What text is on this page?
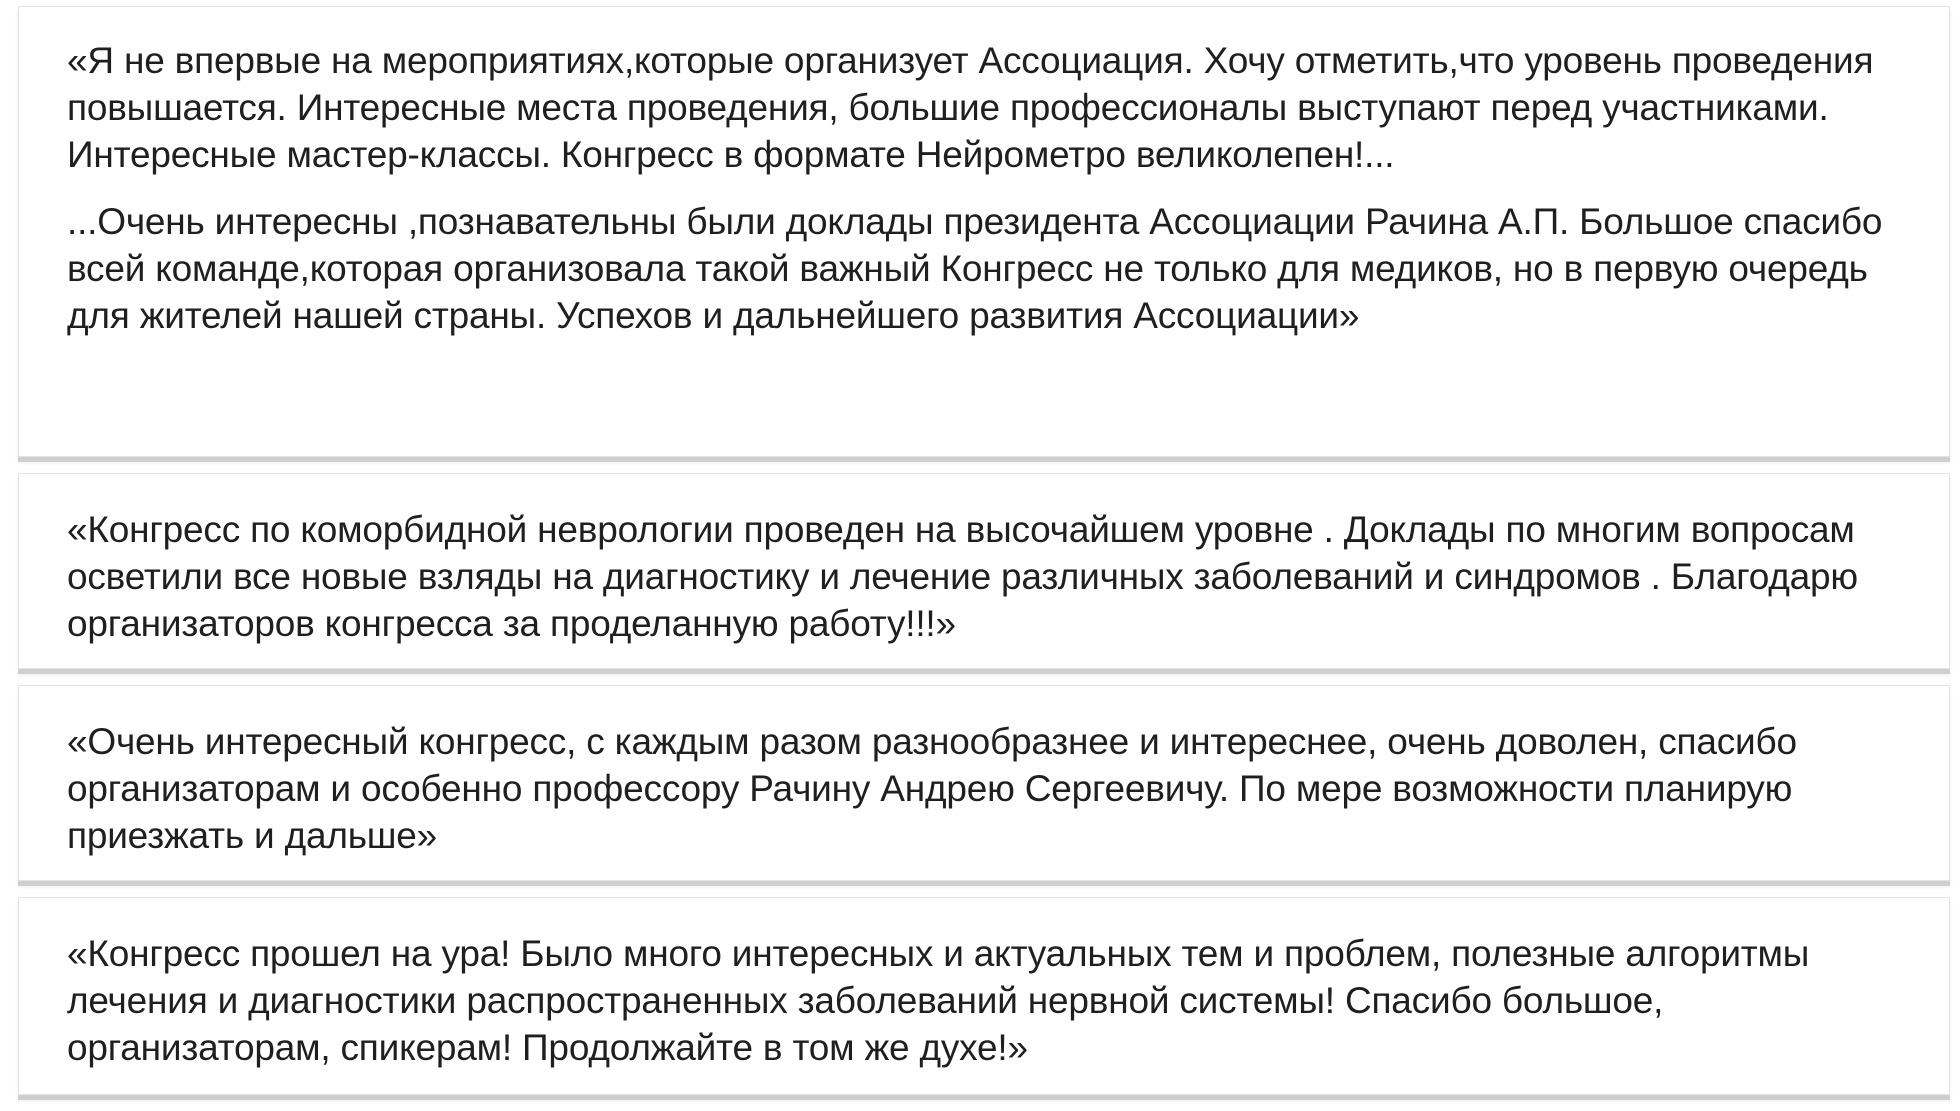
«Я не впервые на мероприятиях,которые организует Ассоциация. Хочу отметить,что уровень проведения повышается. Интересные места проведения, большие профессионалы выступают перед участниками. Интересные мастер-классы. Конгресс в формате Нейрометро великолепен!...

...Очень интересны ,познавательны были доклады президента Ассоциации Рачина А.П. Большое спасибо всей команде,которая организовала такой важный Конгресс не только для медиков, но в первую очередь для жителей нашей страны. Успехов и дальнейшего развития Ассоциации»

«Конгресс по коморбидной неврологии проведен на высочайшем уровне . Доклады по многим вопросам осветили все новые взляды на диагностику и лечение различных заболеваний и синдромов . Благодарю организаторов конгресса за проделанную работу!!!»

«Очень интересный конгресс, с каждым разом разнообразнее и интереснее, очень доволен, спасибо организаторам и особенно профессору Рачину Андрею Сергеевичу. По мере возможности планирую приезжать и дальше»

«Конгресс прошел на ура! Было много интересных и актуальных тем и проблем, полезные алгоритмы лечения и диагностики распространенных заболеваний нервной системы! Спасибо большое, организаторам, спикерам! Продолжайте в том же духе!»
